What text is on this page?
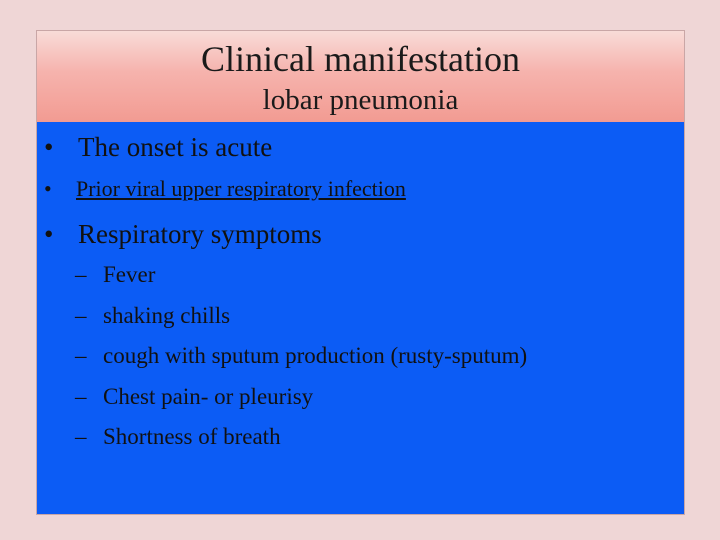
Clinical manifestation
lobar pneumonia
• The onset is acute
• Prior viral upper respiratory infection
• Respiratory symptoms
– Fever
– shaking chills
– cough with sputum production (rusty-sputum)
– Chest pain- or pleurisy
– Shortness of breath
